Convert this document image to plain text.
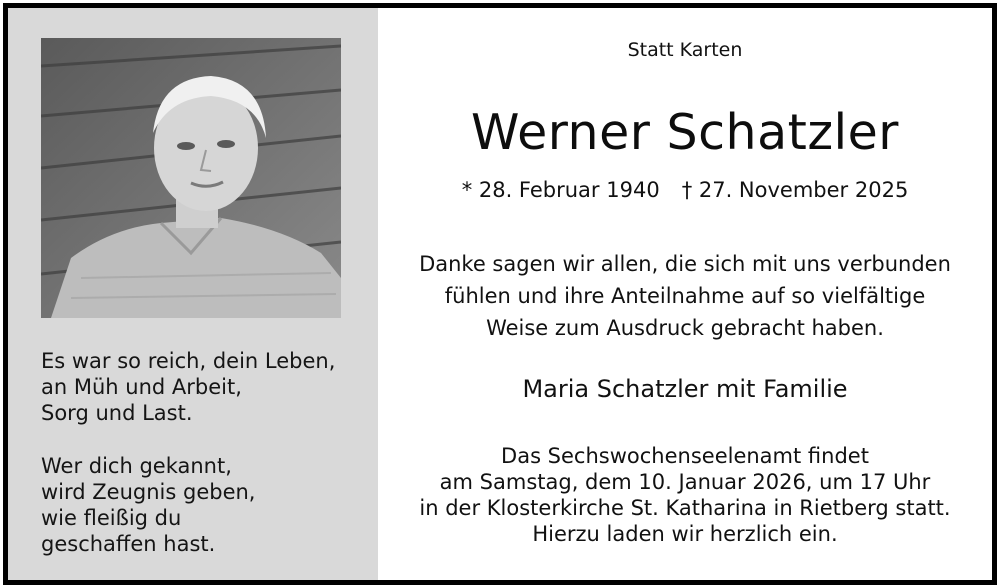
Es war so reich, dein Leben,
an Müh und Arbeit,
Sorg und Last.
Wer dich gekannt,
wird Zeugnis geben,
wie fleißig du
geschaffen hast.
Statt Karten
Werner Schatzler
* 28. Februar 1940 † 27. November 2025
Danke sagen wir allen, die sich mit uns verbunden
fühlen und ihre Anteilnahme auf so vielfältige
Weise zum Ausdruck gebracht haben.
Maria Schatzler mit Familie
Das Sechswochenseelenamt findet
am Samstag, dem 10. Januar 2026, um 17 Uhr
in der Klosterkirche St. Katharina in Rietberg statt.
Hierzu laden wir herzlich ein.
